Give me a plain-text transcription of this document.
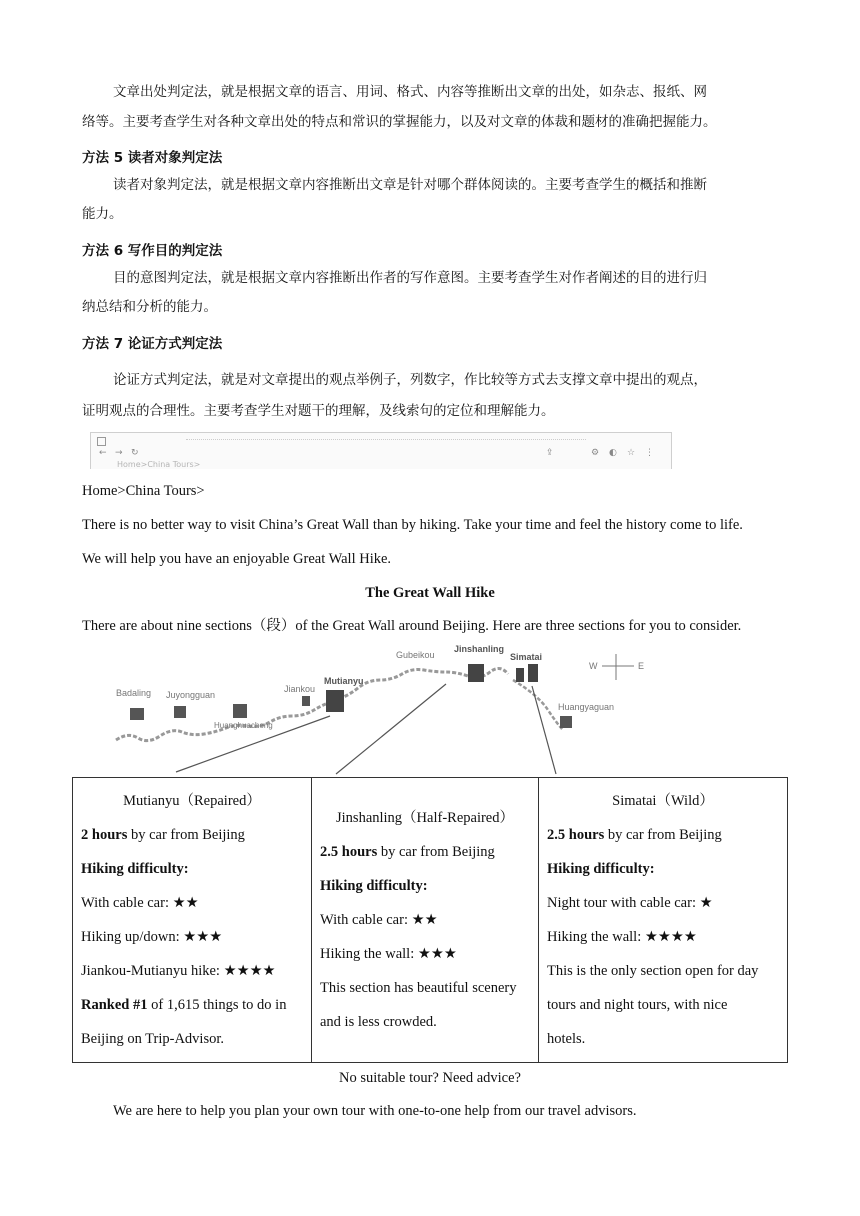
文章出处判定法，就是根据文章的语言、用词、格式、内容等推断出文章的出处，如杂志、报纸、网
络等。主要考查学生对各种文章出处的特点和常识的掌握能力，以及对文章的体裁和题材的准确把握能力。
方法 5 读者对象判定法
读者对象判定法，就是根据文章内容推断出文章是针对哪个群体阅读的。主要考查学生的概括和推断
能力。
方法 6 写作目的判定法
目的意图判定法，就是根据文章内容推断出作者的写作意图。主要考查学生对作者阐述的目的进行归
纳总结和分析的能力。
方法 7 论证方式判定法
论证方式判定法，就是对文章提出的观点举例子，列数字，作比较等方式去支撑文章中提出的观点，
证明观点的合理性。主要考查学生对题干的理解，及线索句的定位和理解能力。
← → ↻
Home>China Tours>
⇪	⚙ ◐ ☆ ⋮
Home>China Tours>
There is no better way to visit China’s Great Wall than by hiking. Take your time and feel the history come to life.
We will help you have an enjoyable Great Wall Hike.
The Great Wall Hike
There are about nine sections（段）of the Great Wall around Beijing. Here are three sections for you to consider.
W	E
Badaling Juyongguan
Huanghuacheng
Jiankou
Mutianyu
Gubeikou
Jinshanling
Simatai
Huangyaguan
Mutianyu（Repaired）
2 hours by car from Beijing
Hiking difficulty:
With cable car: ★★
Hiking up/down: ★★★
Jiankou-Mutianyu hike: ★★★★
Ranked #1 of 1,615 things to do in
Beijing on Trip-Advisor.

Jinshanling（Half-Repaired）
2.5 hours by car from Beijing
Hiking difficulty:
With cable car: ★★
Hiking the wall: ★★★
This section has beautiful scenery
and is less crowded.

Simatai（Wild）
2.5 hours by car from Beijing
Hiking difficulty:
Night tour with cable car: ★
Hiking the wall: ★★★★
This is the only section open for day
tours and night tours, with nice
hotels.
No suitable tour? Need advice?
We are here to help you plan your own tour with one-to-one help from our travel advisors.
